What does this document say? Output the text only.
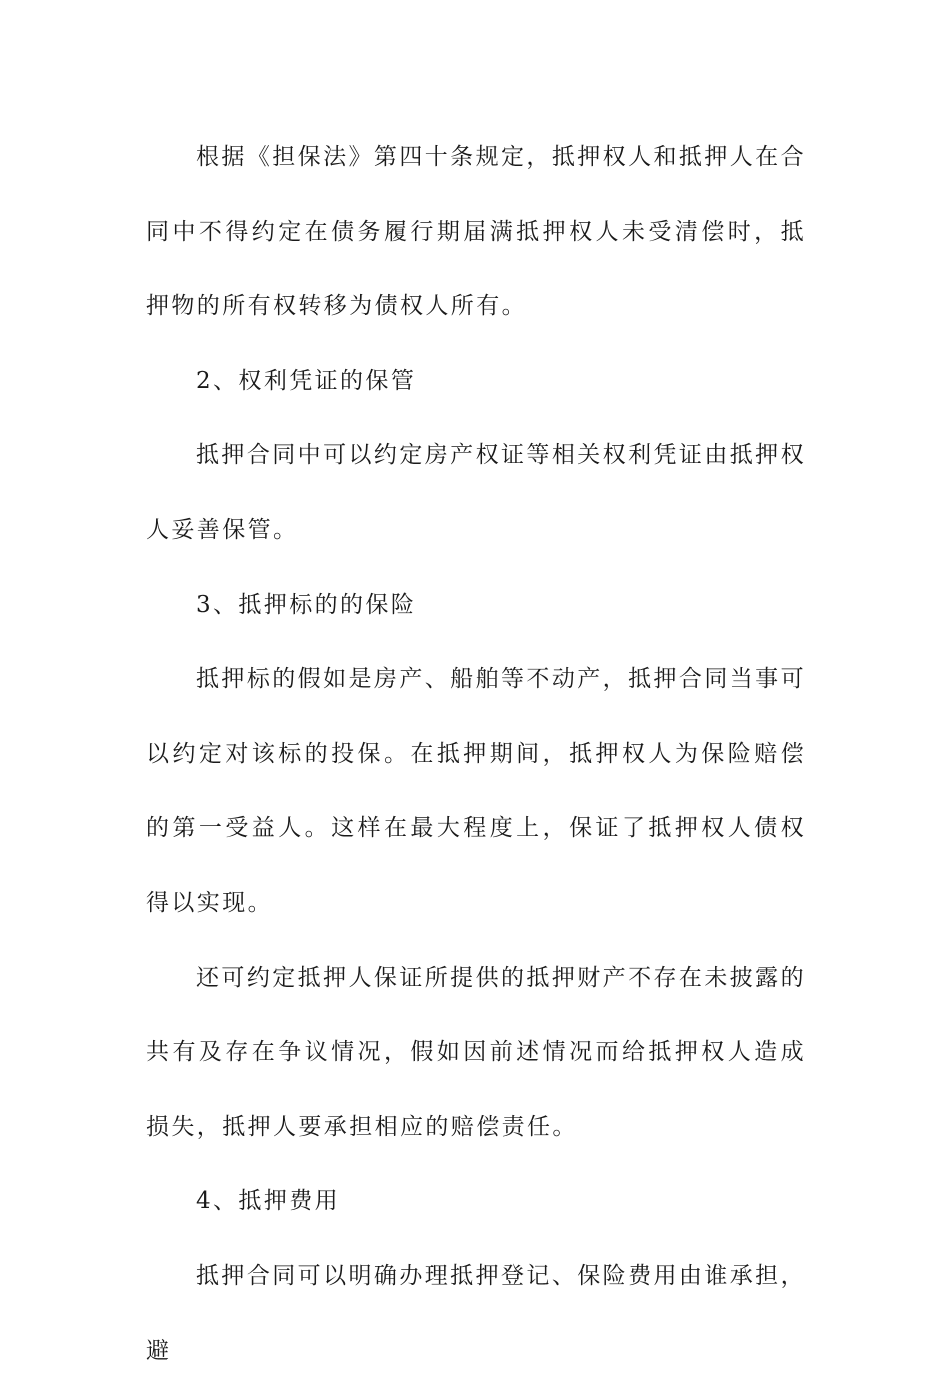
根据《担保法》第四十条规定，抵押权人和抵押人在合同中不得约定在债务履行期届满抵押权人未受清偿时，抵押物的所有权转移为债权人所有。

2、权利凭证的保管

抵押合同中可以约定房产权证等相关权利凭证由抵押权人妥善保管。

3、抵押标的的保险

抵押标的假如是房产、船舶等不动产，抵押合同当事可以约定对该标的投保。在抵押期间，抵押权人为保险赔偿的第一受益人。这样在最大程度上，保证了抵押权人债权得以实现。

还可约定抵押人保证所提供的抵押财产不存在未披露的共有及存在争议情况，假如因前述情况而给抵押权人造成损失，抵押人要承担相应的赔偿责任。

4、抵押费用

抵押合同可以明确办理抵押登记、保险费用由谁承担，避
